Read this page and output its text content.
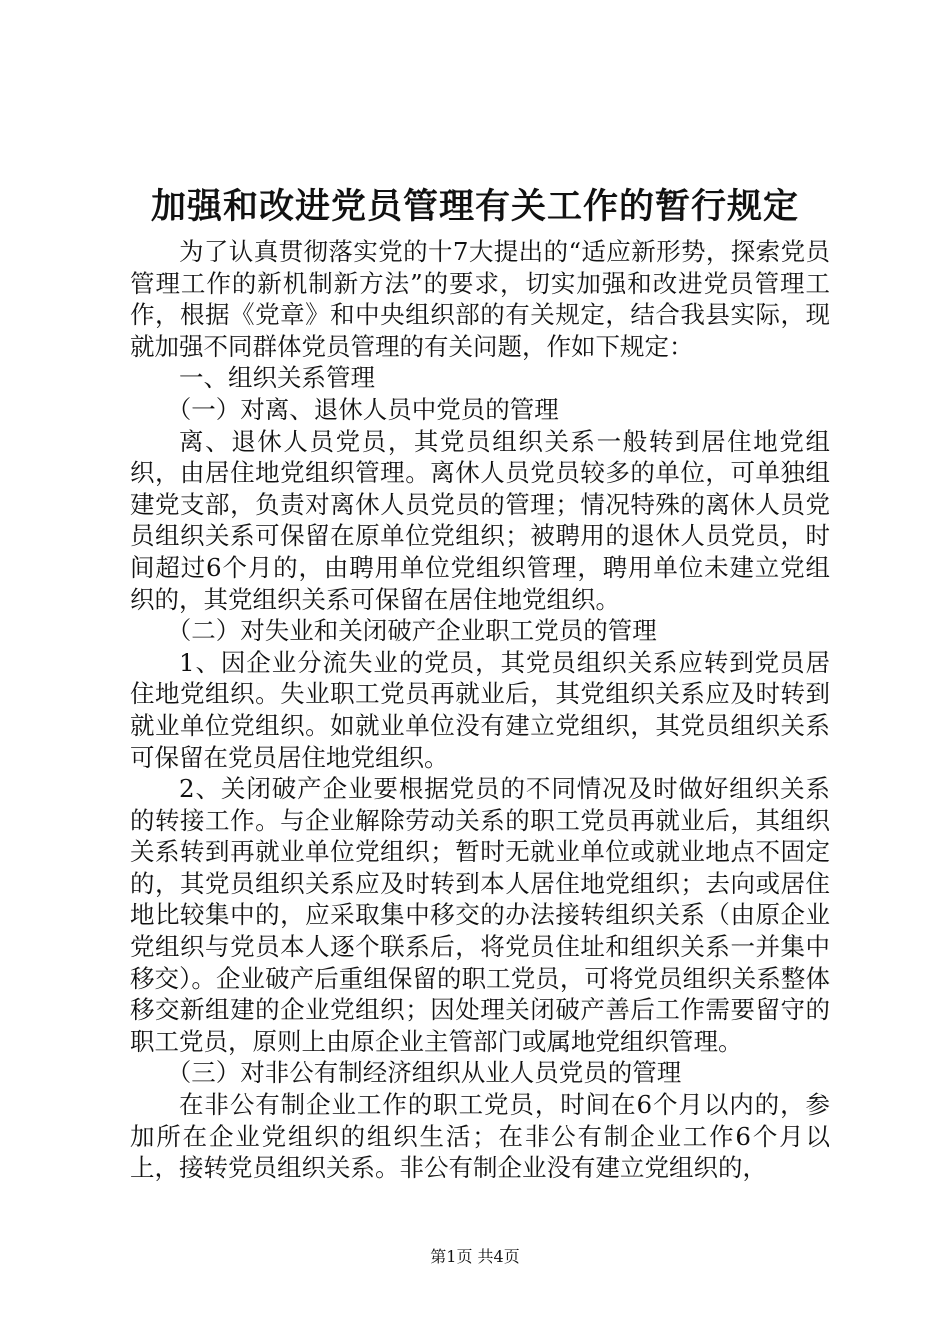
加强和改进党员管理有关工作的暂行规定

为了认真贯彻落实党的十7大提出的“适应新形势，探索党员管理工作的新机制新方法”的要求，切实加强和改进党员管理工作，根据《党章》和中央组织部的有关规定，结合我县实际，现就加强不同群体党员管理的有关问题，作如下规定：

一、组织关系管理

（一）对离、退休人员中党员的管理

离、退休人员党员，其党员组织关系一般转到居住地党组织，由居住地党组织管理。离休人员党员较多的单位，可单独组建党支部，负责对离休人员党员的管理；情况特殊的离休人员党员组织关系可保留在原单位党组织；被聘用的退休人员党员，时间超过6个月的，由聘用单位党组织管理，聘用单位未建立党组织的，其党组织关系可保留在居住地党组织。

（二）对失业和关闭破产企业职工党员的管理

1、因企业分流失业的党员，其党员组织关系应转到党员居住地党组织。失业职工党员再就业后，其党组织关系应及时转到就业单位党组织。如就业单位没有建立党组织，其党员组织关系可保留在党员居住地党组织。

2、关闭破产企业要根据党员的不同情况及时做好组织关系的转接工作。与企业解除劳动关系的职工党员再就业后，其组织关系转到再就业单位党组织；暂时无就业单位或就业地点不固定的，其党员组织关系应及时转到本人居住地党组织；去向或居住地比较集中的，应采取集中移交的办法接转组织关系（由原企业党组织与党员本人逐个联系后，将党员住址和组织关系一并集中移交）。企业破产后重组保留的职工党员，可将党员组织关系整体移交新组建的企业党组织；因处理关闭破产善后工作需要留守的职工党员，原则上由原企业主管部门或属地党组织管理。

（三）对非公有制经济组织从业人员党员的管理

在非公有制企业工作的职工党员，时间在6个月以内的，参加所在企业党组织的组织生活；在非公有制企业工作6个月以上，接转党员组织关系。非公有制企业没有建立党组织的，

第1页 共4页
